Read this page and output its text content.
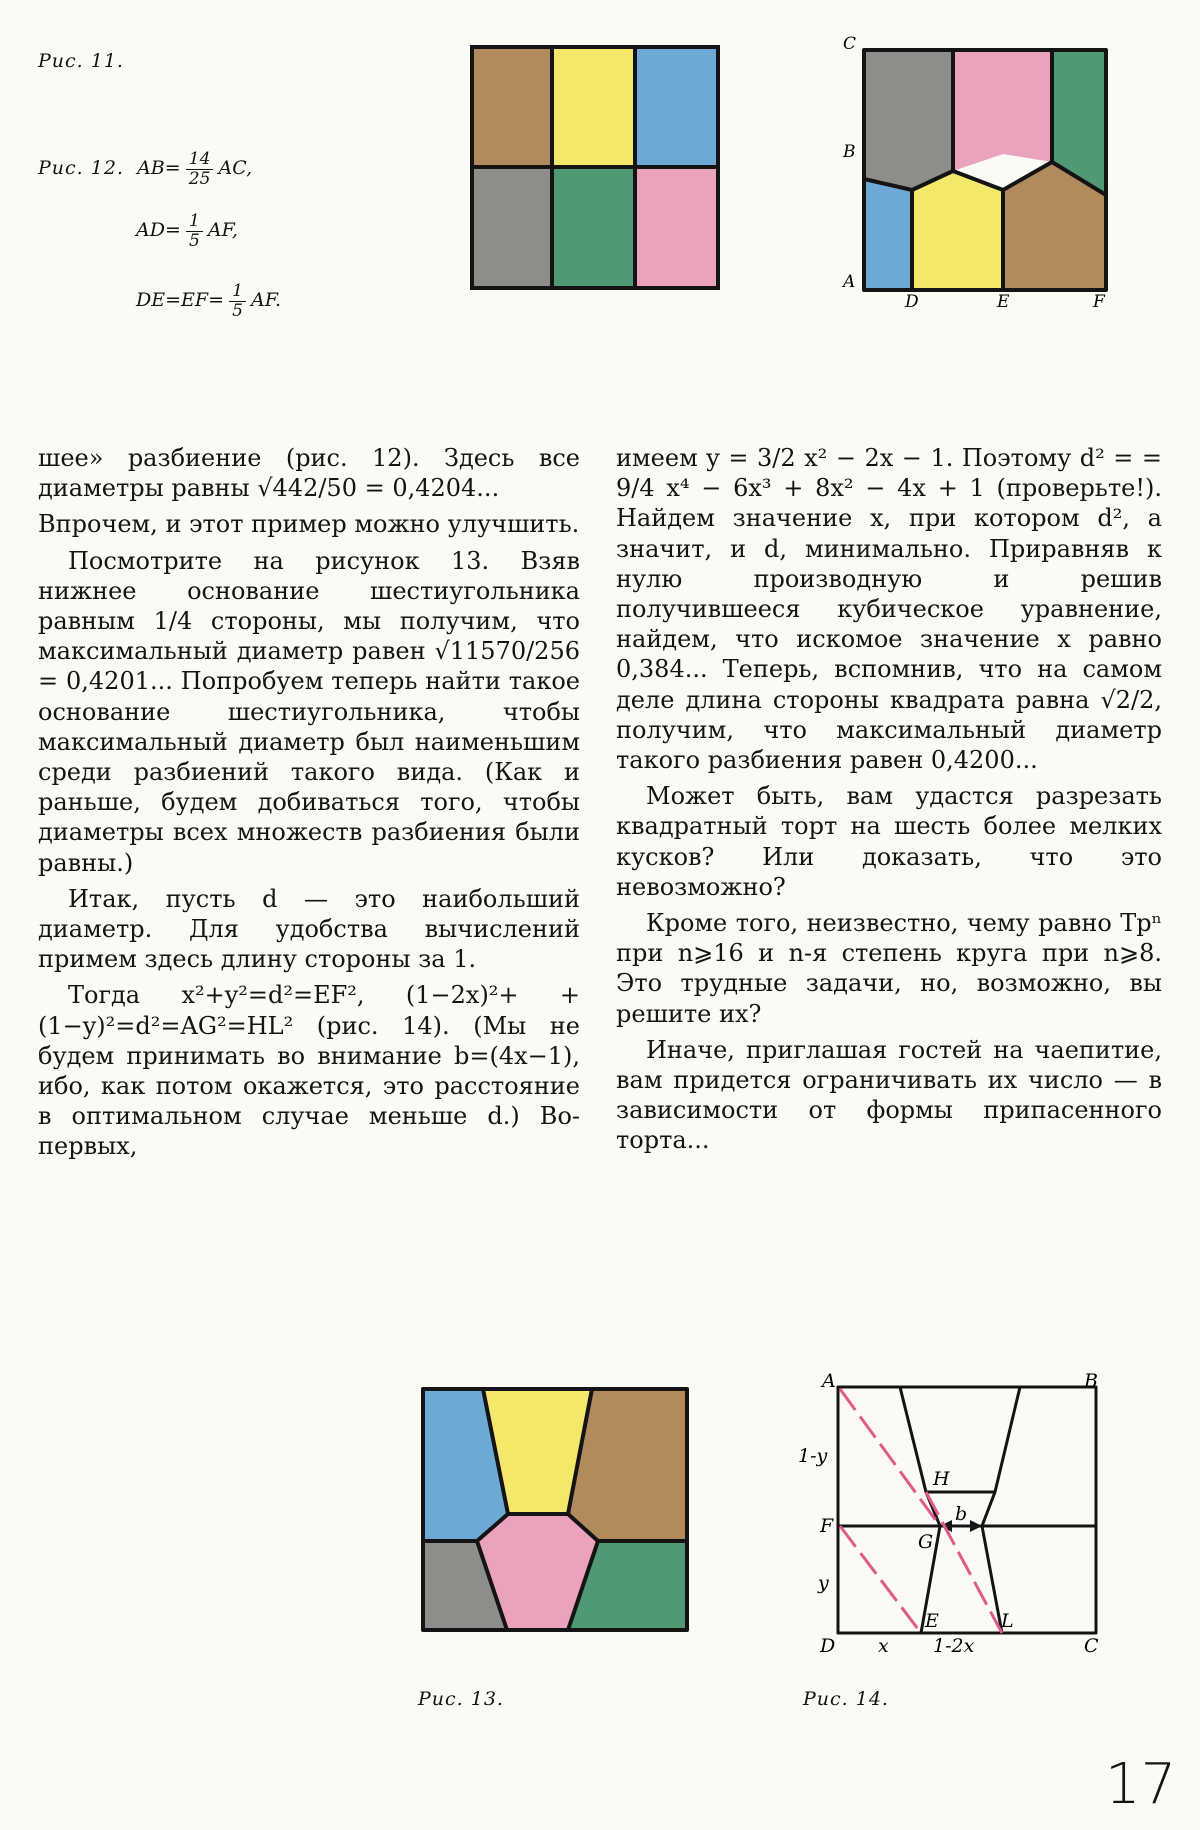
Рис. 11.
Рис. 12. $AB= \frac{14}{25}$ AC,
$AD= \frac{1}{5}$ AF,
$DE=EF= \frac{1}{5}$ AF.
C
B
A
D	E	F

шее» разбиение (рис. 12). Здесь все диаметры равны √442/50 = 0,4204...

Впрочем, и этот пример можно улучшить.

Посмотрите на рисунок 13. Взяв нижнее основание шестиугольника равным 1/4 стороны, мы получим, что максимальный диаметр равен √11570/256 = 0,4201... Попробуем теперь найти такое основание шестиугольника, чтобы максимальный диаметр был наименьшим среди разбиений такого вида. (Как и раньше, будем добиваться того, чтобы диаметры всех множеств разбиения были равны.)

Итак, пусть d — это наибольший диаметр. Для удобства вычислений примем здесь длину стороны за 1.

Тогда x²+y²=d²=EF², (1−2x)²+ +(1−y)²=d²=AG²=HL² (рис. 14). (Мы не будем принимать во внимание b=(4x−1), ибо, как потом окажется, это расстояние в оптимальном случае меньше d.) Во-первых,

имеем y = 3/2 x² − 2x − 1. Поэтому d² = = 9/4 x⁴ − 6x³ + 8x² − 4x + 1 (проверьте!). Найдем значение x, при котором d², а значит, и d, минимально. Приравняв к нулю производную и решив получившееся кубическое уравнение, найдем, что искомое значение x равно 0,384... Теперь, вспомнив, что на самом деле длина стороны квадрата равна √2/2, получим, что максимальный диаметр такого разбиения равен 0,4200...

Может быть, вам удастся разрезать квадратный торт на шесть более мелких кусков? Или доказать, что это невозможно?

Кроме того, неизвестно, чему равно Tpⁿ при n⩾16 и n-я степень круга при n⩾8. Это трудные задачи, но, возможно, вы решите их?

Иначе, приглашая гостей на чаепитие, вам придется ограничивать их число — в зависимости от формы припасенного торта...

A	B
C
D
E
F
G
H
L
b
1-y
y
x 1-2x
Рис. 13.	Рис. 14.
17
